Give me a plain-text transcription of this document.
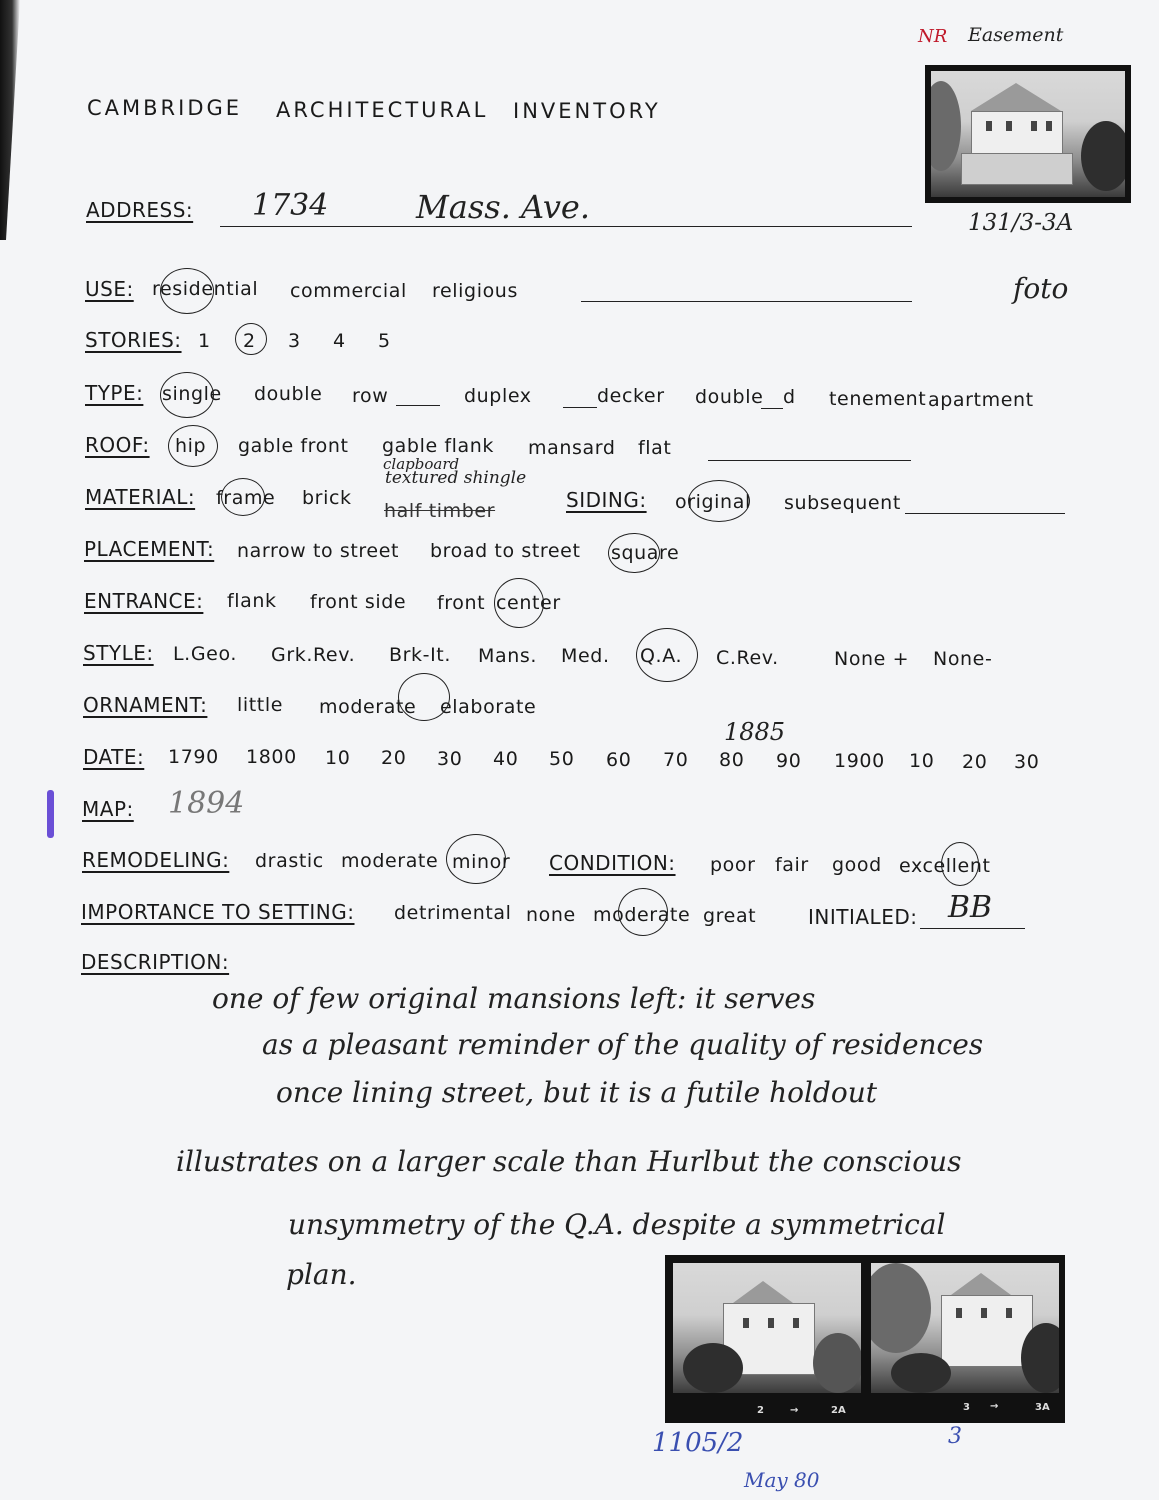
NR Easement
CAMBRIDGE ARCHITECTURAL INVENTORY
131/3-3A
foto
ADDRESS: 1734	Mass. Ave.
USE: residential commercial religious
STORIES: 1 2 3 4 5
TYPE: single double row	duplex	decker double d tenement apartment
ROOF: hip gable front gable flank mansard flat
MATERIAL: frame brick
half timber
clapboard
textured shingle
SIDING: original subsequent
PLACEMENT: narrow to street broad to street square
ENTRANCE: flank front side front center
STYLE: L.Geo. Grk.Rev. Brk-It. Mans. Med. Q.A. C.Rev.	None + None-
ORNAMENT: little moderate elaborate
1885
DATE: 1790 1800 10 20 30 40 50 60 70 80 90 1900 10 20 30
MAP: 1894
REMODELING: drastic moderate minor CONDITION: poor fair good excellent
IMPORTANCE TO SETTING: detrimental none moderate great	INITIALED: BB
DESCRIPTION:
one of few original mansions left: it serves
as a pleasant reminder of the quality of residences
once lining street, but it is a futile holdout
illustrates on a larger scale than Hurlbut the conscious
unsymmetry of the Q.A. despite a symmetrical
plan.
2	→	2A	3 →	3A
1105/2
May 80
3
